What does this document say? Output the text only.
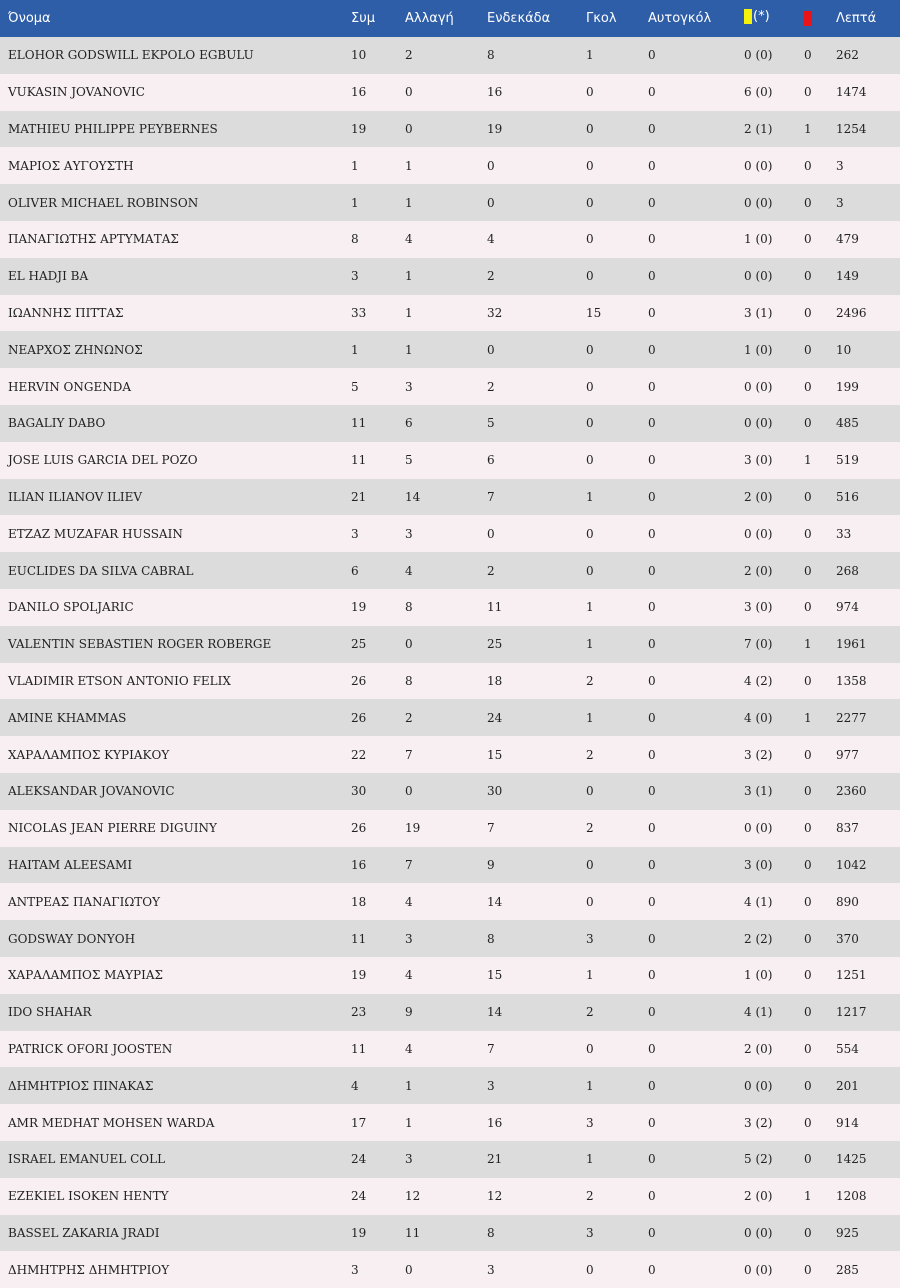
Όνομα	Συμ	Αλλαγή	Ενδεκάδα	Γκολ	Αυτογκόλ	(*)		Λεπτά
ELOHOR GODSWILL EKPOLO EGBULU	10	2	8	1	0	0 (0)	0	262
VUKASIN JOVANOVIC	16	0	16	0	0	6 (0)	0	1474
MATHIEU PHILIPPE PEYBERNES	19	0	19	0	0	2 (1)	1	1254
ΜΑΡΙΟΣ ΑΥΓΟΥΣΤΗ	1	1	0	0	0	0 (0)	0	3
OLIVER MICHAEL ROBINSON	1	1	0	0	0	0 (0)	0	3
ΠΑΝΑΓΙΩΤΗΣ ΑΡΤΥΜΑΤΑΣ	8	4	4	0	0	1 (0)	0	479
EL HADJI BA	3	1	2	0	0	0 (0)	0	149
ΙΩΑΝΝΗΣ ΠΙΤΤΑΣ	33	1	32	15	0	3 (1)	0	2496
ΝΕΑΡΧΟΣ ΖΗΝΩΝΟΣ	1	1	0	0	0	1 (0)	0	10
HERVIN ONGENDA	5	3	2	0	0	0 (0)	0	199
BAGALIY DABO	11	6	5	0	0	0 (0)	0	485
JOSE LUIS GARCIA DEL POZO	11	5	6	0	0	3 (0)	1	519
ILIAN ILIANOV ILIEV	21	14	7	1	0	2 (0)	0	516
ETZAZ MUZAFAR HUSSAIN	3	3	0	0	0	0 (0)	0	33
EUCLIDES DA SILVA CABRAL	6	4	2	0	0	2 (0)	0	268
DANILO SPOLJARIC	19	8	11	1	0	3 (0)	0	974
VALENTIN SEBASTIEN ROGER ROBERGE	25	0	25	1	0	7 (0)	1	1961
VLADIMIR ETSON ANTONIO FELIX	26	8	18	2	0	4 (2)	0	1358
AMINE KHAMMAS	26	2	24	1	0	4 (0)	1	2277
ΧΑΡΑΛΑΜΠΟΣ ΚΥΡΙΑΚΟΥ	22	7	15	2	0	3 (2)	0	977
ALEKSANDAR JOVANOVIC	30	0	30	0	0	3 (1)	0	2360
NICOLAS JEAN PIERRE DIGUINY	26	19	7	2	0	0 (0)	0	837
HAITAM ALEESAMI	16	7	9	0	0	3 (0)	0	1042
ΑΝΤΡΕΑΣ ΠΑΝΑΓΙΩΤΟΥ	18	4	14	0	0	4 (1)	0	890
GODSWAY DONYOH	11	3	8	3	0	2 (2)	0	370
ΧΑΡΑΛΑΜΠΟΣ ΜΑΥΡΙΑΣ	19	4	15	1	0	1 (0)	0	1251
IDO SHAHAR	23	9	14	2	0	4 (1)	0	1217
PATRICK OFORI JOOSTEN	11	4	7	0	0	2 (0)	0	554
ΔΗΜΗΤΡΙΟΣ ΠΙΝΑΚΑΣ	4	1	3	1	0	0 (0)	0	201
AMR MEDHAT MOHSEN WARDA	17	1	16	3	0	3 (2)	0	914
ISRAEL EMANUEL COLL	24	3	21	1	0	5 (2)	0	1425
EZEKIEL ISOKEN HENTY	24	12	12	2	0	2 (0)	1	1208
BASSEL ZAKARIA JRADI	19	11	8	3	0	0 (0)	0	925
ΔΗΜΗΤΡΗΣ ΔΗΜΗΤΡΙΟΥ	3	0	3	0	0	0 (0)	0	285
